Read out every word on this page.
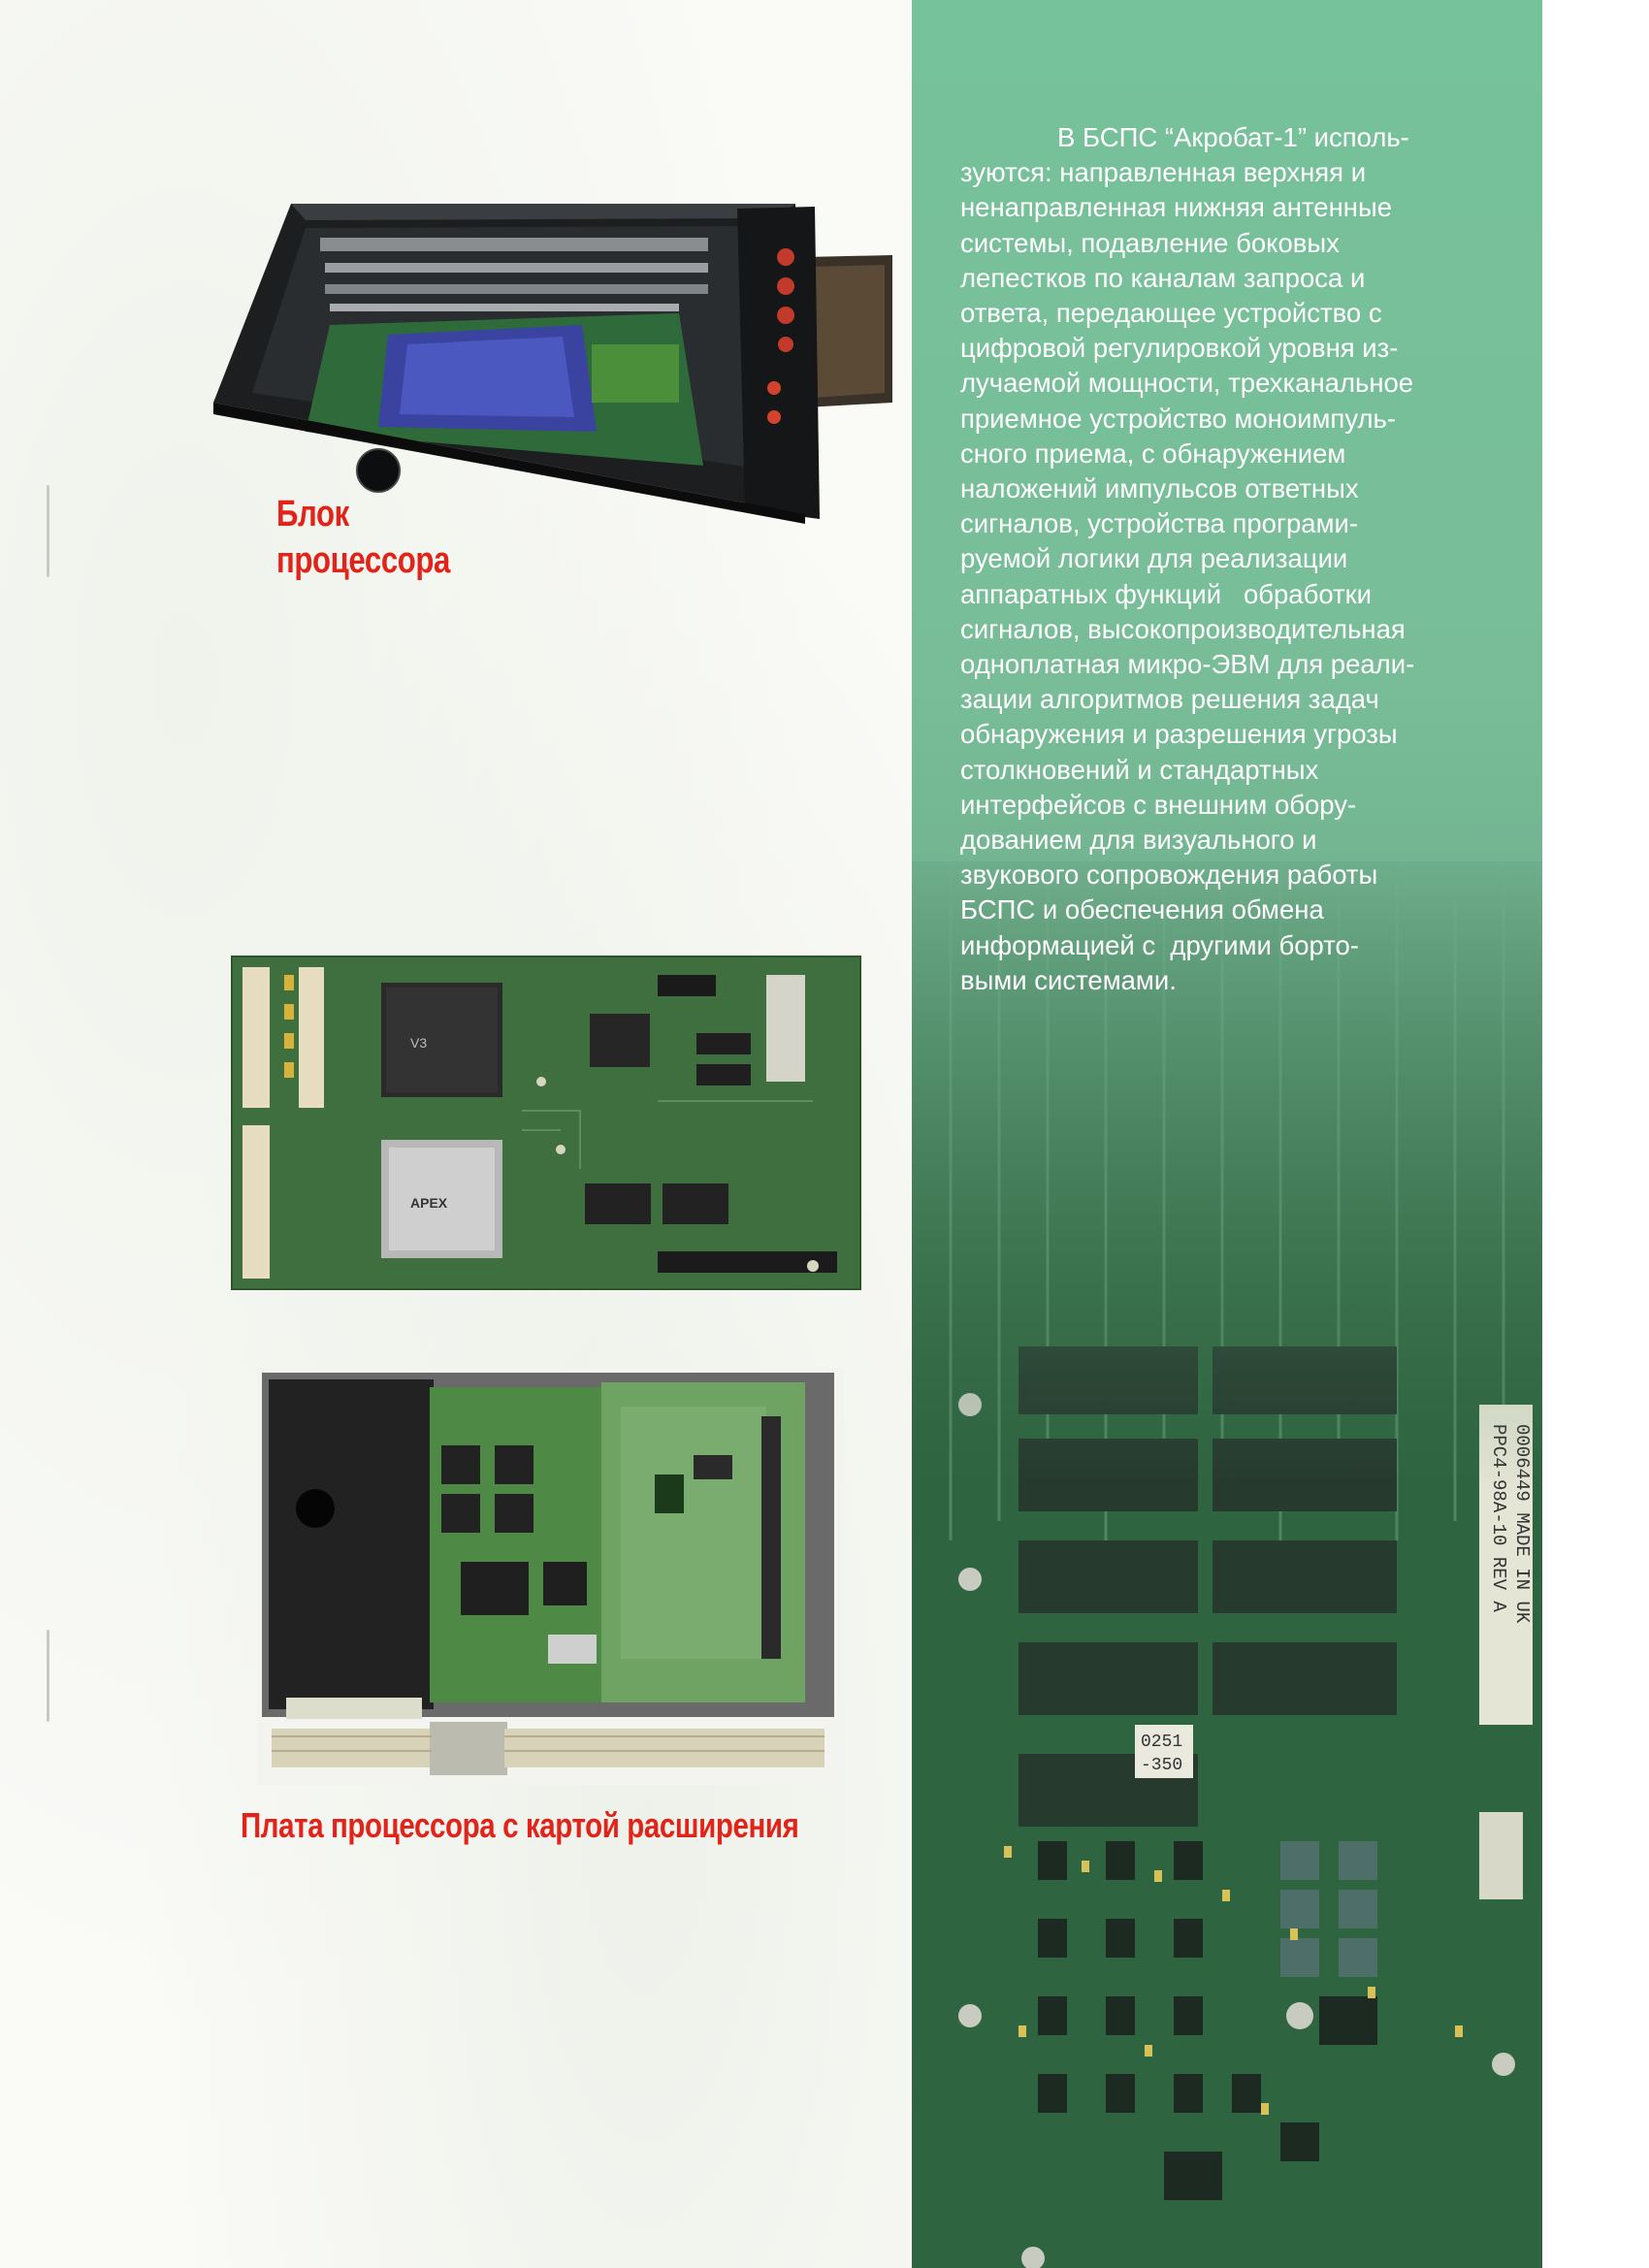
Блок
процессора
V3
APEX
Плата процессора с картой расширения
В БСПС “Акробат-1” исполь-
зуются: направленная верхняя и
ненаправленная нижняя антенные
системы, подавление боковых
лепестков по каналам запроса и
ответа, передающее устройство с
цифровой регулировкой уровня из-
лучаемой мощности, трехканальное
приемное устройство моноимпуль-
сного приема, с обнаружением
наложений импульсов ответных
сигналов, устройства програми-
руемой логики для реализации
аппаратных функций   обработки
сигналов, высокопроизводительная
одноплатная микро-ЭВМ для реали-
зации алгоритмов решения задач
обнаружения и разрешения угрозы
столкновений и стандартных
интерфейсов с внешним обору-
дованием для визуального и
звукового сопровождения работы
БСПС и обеспечения обмена
информацией с  другими борто-
выми системами.
